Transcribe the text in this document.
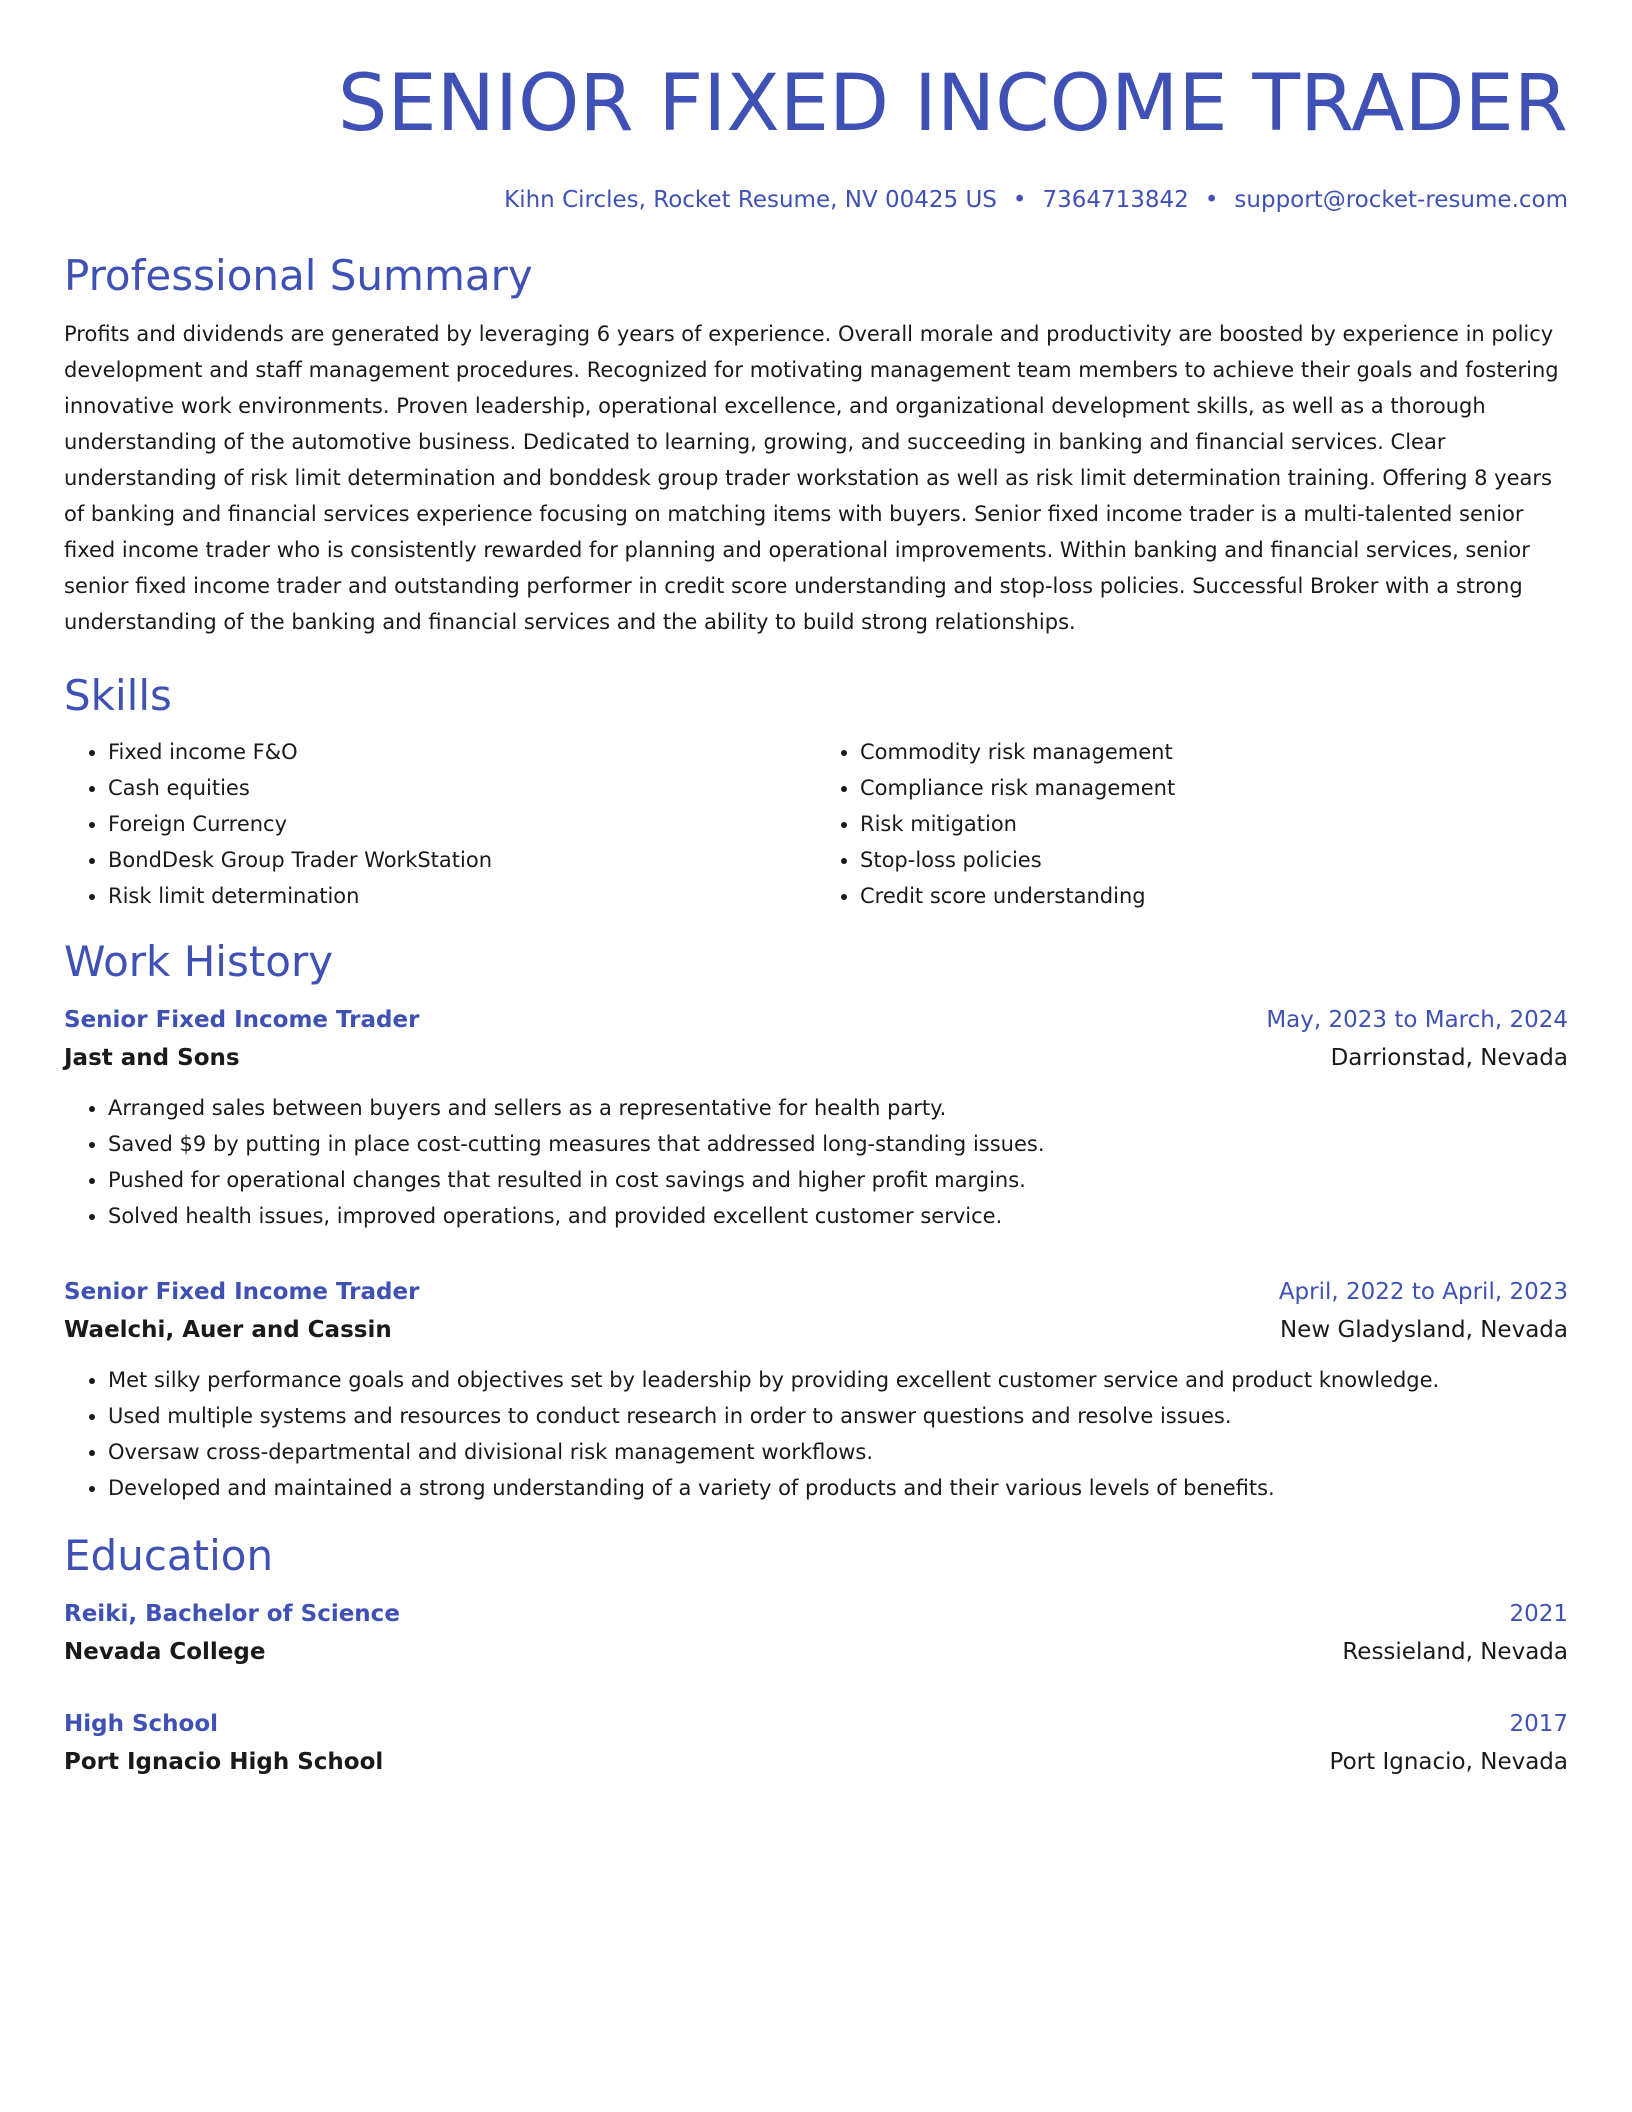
SENIOR FIXED INCOME TRADER
Kihn Circles, Rocket Resume, NV 00425 US • 7364713842 • support@rocket-resume.com
Professional Summary

Profits and dividends are generated by leveraging 6 years of experience. Overall morale and productivity are boosted by experience in policy development and staff management procedures. Recognized for motivating management team members to achieve their goals and fostering innovative work environments. Proven leadership, operational excellence, and organizational development skills, as well as a thorough understanding of the automotive business. Dedicated to learning, growing, and succeeding in banking and financial services. Clear understanding of risk limit determination and bonddesk group trader workstation as well as risk limit determination training. Offering 8 years of banking and financial services experience focusing on matching items with buyers. Senior fixed income trader is a multi-talented senior fixed income trader who is consistently rewarded for planning and operational improvements. Within banking and financial services, senior senior fixed income trader and outstanding performer in credit score understanding and stop-loss policies. Successful Broker with a strong understanding of the banking and financial services and the ability to build strong relationships.

Skills
• Fixed income F&O
• Cash equities
• Foreign Currency
• BondDesk Group Trader WorkStation
• Risk limit determination
• Commodity risk management
• Compliance risk management
• Risk mitigation
• Stop-loss policies
• Credit score understanding
Work History
Senior Fixed Income Trader	May, 2023 to March, 2024
Jast and Sons	Darrionstad, Nevada
• Arranged sales between buyers and sellers as a representative for health party.
• Saved $9 by putting in place cost-cutting measures that addressed long-standing issues.
• Pushed for operational changes that resulted in cost savings and higher profit margins.
• Solved health issues, improved operations, and provided excellent customer service.
Senior Fixed Income Trader	April, 2022 to April, 2023
Waelchi, Auer and Cassin	New Gladysland, Nevada
• Met silky performance goals and objectives set by leadership by providing excellent customer service and product knowledge.
• Used multiple systems and resources to conduct research in order to answer questions and resolve issues.
• Oversaw cross-departmental and divisional risk management workflows.
• Developed and maintained a strong understanding of a variety of products and their various levels of benefits.
Education
Reiki, Bachelor of Science	2021
Nevada College	Ressieland, Nevada
High School	2017
Port Ignacio High School	Port Ignacio, Nevada
